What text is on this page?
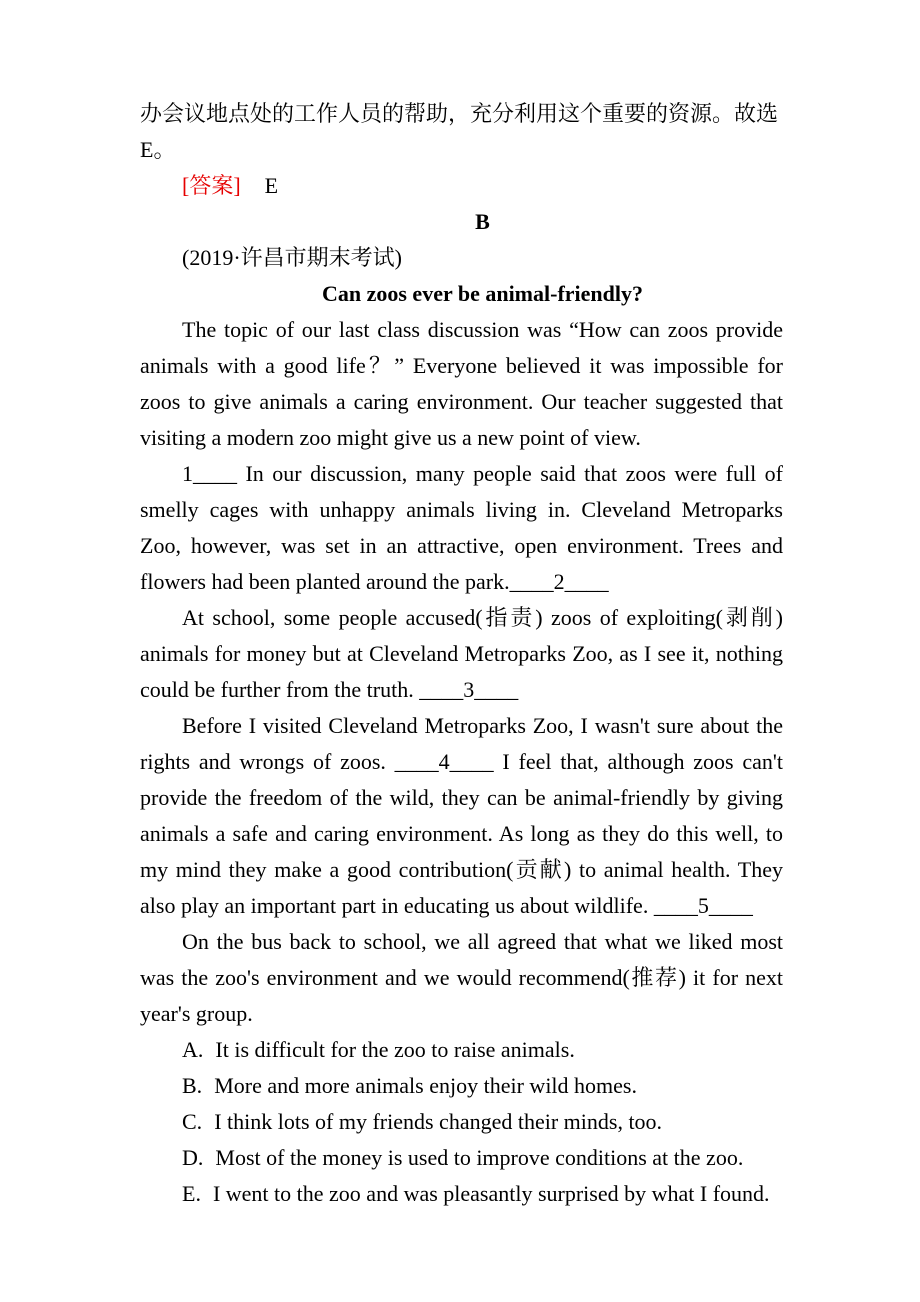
办会议地点处的工作人员的帮助，充分利用这个重要的资源。故选

E。

[答案] E

B

(2019·许昌市期末考试)

Can zoos ever be animal-friendly?

The topic of our last class discussion was “How can zoos provide animals with a good life？” Everyone believed it was impossible for zoos to give animals a caring environment. Our teacher suggested that visiting a modern zoo might give us a new point of view.

1____ In our discussion, many people said that zoos were full of smelly cages with unhappy animals living in. Cleveland Metroparks Zoo, however, was set in an attractive, open environment. Trees and flowers had been planted around the park.____2____

At school, some people accused(指责) zoos of exploiting(剥削) animals for money but at Cleveland Metroparks Zoo, as I see it, nothing could be further from the truth. ____3____

Before I visited Cleveland Metroparks Zoo, I wasn't sure about the rights and wrongs of zoos. ____4____ I feel that, although zoos can't provide the freedom of the wild, they can be animal-friendly by giving animals a safe and caring environment. As long as they do this well, to my mind they make a good contribution(贡献) to animal health. They also play an important part in educating us about wildlife. ____5____

On the bus back to school, we all agreed that what we liked most was the zoo's environment and we would recommend(推荐) it for next year's group.

A. It is difficult for the zoo to raise animals.

B. More and more animals enjoy their wild homes.

C. I think lots of my friends changed their minds, too.

D. Most of the money is used to improve conditions at the zoo.

E. I went to the zoo and was pleasantly surprised by what I found.
